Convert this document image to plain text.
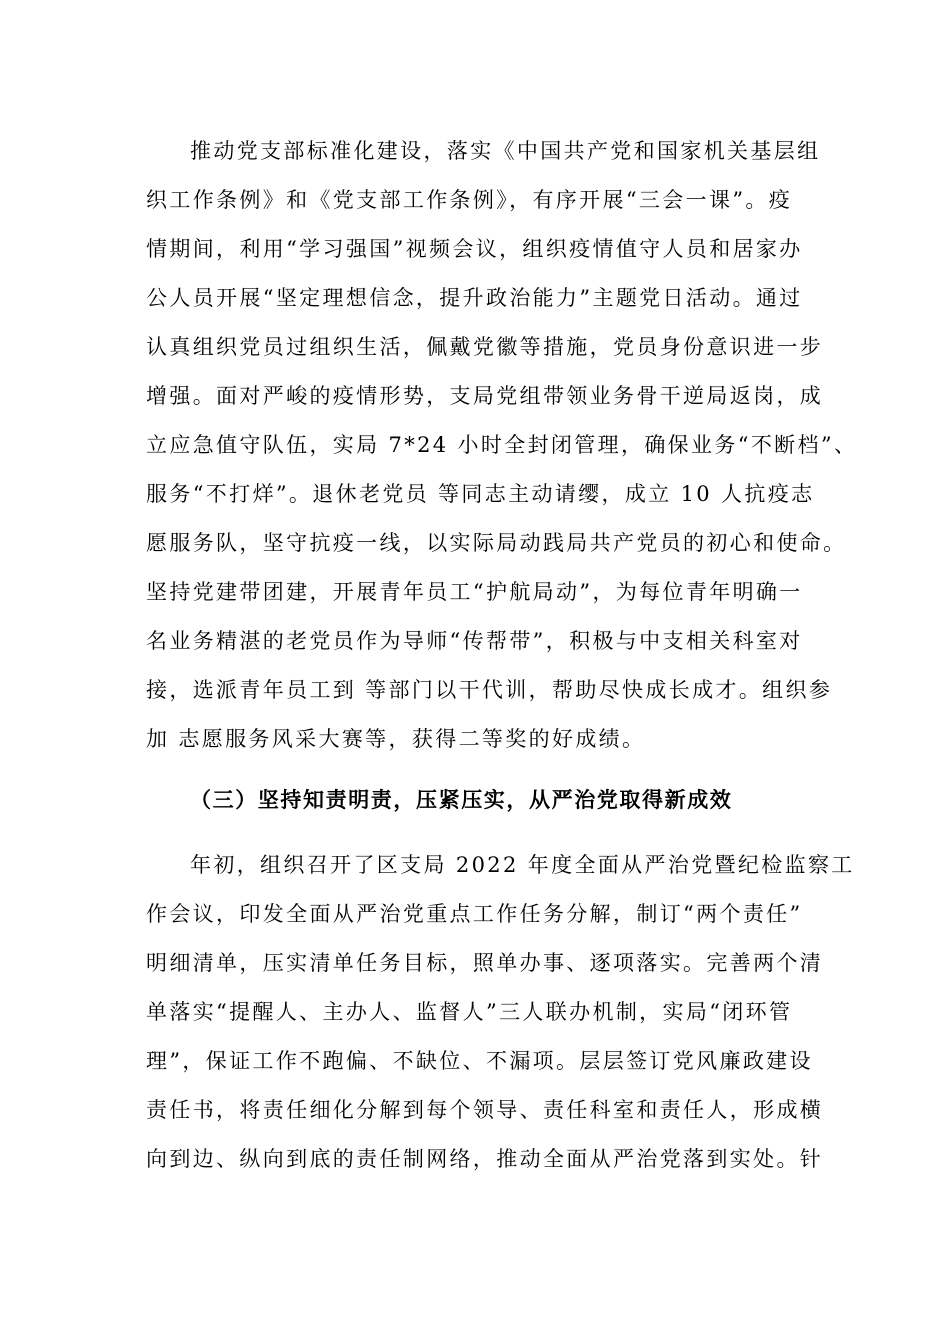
推动党支部标准化建设，落实《中国共产党和国家机关基层组
织工作条例》和《党支部工作条例》，有序开展“三会一课”。疫
情期间，利用“学习强国”视频会议，组织疫情值守人员和居家办
公人员开展“坚定理想信念，提升政治能力”主题党日活动。通过
认真组织党员过组织生活，佩戴党徽等措施，党员身份意识进一步
增强。面对严峻的疫情形势，支局党组带领业务骨干逆局返岗，成
立应急值守队伍，实局 7*24 小时全封闭管理，确保业务“不断档”、
服务“不打烊”。退休老党员 等同志主动请缨，成立 10 人抗疫志
愿服务队，坚守抗疫一线，以实际局动践局共产党员的初心和使命。
坚持党建带团建，开展青年员工“护航局动”，为每位青年明确一
名业务精湛的老党员作为导师“传帮带”，积极与中支相关科室对
接，选派青年员工到 等部门以干代训，帮助尽快成长成才。组织参
加 志愿服务风采大赛等，获得二等奖的好成绩。
（三）坚持知责明责，压紧压实，从严治党取得新成效
年初，组织召开了区支局 2022 年度全面从严治党暨纪检监察工
作会议，印发全面从严治党重点工作任务分解，制订“两个责任”
明细清单，压实清单任务目标，照单办事、逐项落实。完善两个清
单落实“提醒人、主办人、监督人”三人联办机制，实局“闭环管
理”，保证工作不跑偏、不缺位、不漏项。层层签订党风廉政建设
责任书，将责任细化分解到每个领导、责任科室和责任人，形成横
向到边、纵向到底的责任制网络，推动全面从严治党落到实处。针
